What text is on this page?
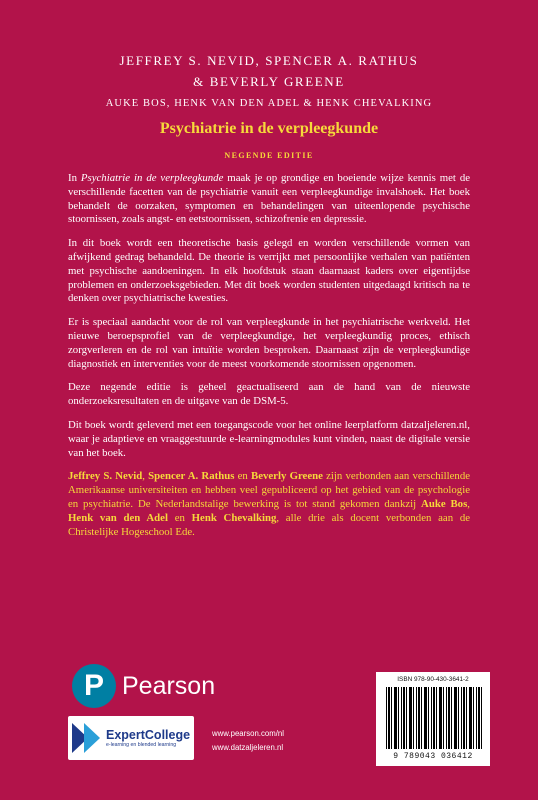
JEFFREY S. NEVID, SPENCER A. RATHUS
& BEVERLY GREENE
AUKE BOS, HENK VAN DEN ADEL & HENK CHEVALKING
Psychiatrie in de verpleegkunde
NEGENDE EDITIE

In Psychiatrie in de verpleegkunde maak je op grondige en boeiende wijze kennis met de verschillende facetten van de psychiatrie vanuit een verpleegkundige invalshoek. Het boek behandelt de oorzaken, symptomen en behandelingen van uiteenlopende psychische stoornissen, zoals angst- en eetstoornissen, schizofrenie en depressie.

In dit boek wordt een theoretische basis gelegd en worden verschillende vormen van afwijkend gedrag behandeld. De theorie is verrijkt met persoonlijke verhalen van patiënten met psychische aandoeningen. In elk hoofdstuk staan daarnaast kaders over eigentijdse problemen en onderzoeksgebieden. Met dit boek worden studenten uitgedaagd kritisch na te denken over psychiatrische kwesties.

Er is speciaal aandacht voor de rol van verpleegkunde in het psychiatrische werkveld. Het nieuwe beroepsprofiel van de verpleegkundige, het verpleegkundig proces, ethisch zorgverleren en de rol van intuïtie worden besproken. Daarnaast zijn de verpleegkundige diagnostiek en interventies voor de meest voorkomende stoornissen opgenomen.

Deze negende editie is geheel geactualiseerd aan de hand van de nieuwste onderzoeksresultaten en de uitgave van de DSM-5.

Dit boek wordt geleverd met een toegangscode voor het online leerplatform datzaljeleren.nl, waar je adaptieve en vraaggestuurde e-learningmodules kunt vinden, naast de digitale versie van het boek.

Jeffrey S. Nevid, Spencer A. Rathus en Beverly Greene zijn verbonden aan verschillende Amerikaanse universiteiten en hebben veel gepubliceerd op het gebied van de psychologie en psychiatrie. De Nederlandstalige bewerking is tot stand gekomen dankzij Auke Bos, Henk van den Adel en Henk Chevalking, alle drie als docent verbonden aan de Christelijke Hogeschool Ede.

P Pearson
ExpertCollege
e-learning en blended learning
www.pearson.com/nl
www.datzaljeleren.nl
ISBN 978-90-430-3641-2
9 789043 036412
